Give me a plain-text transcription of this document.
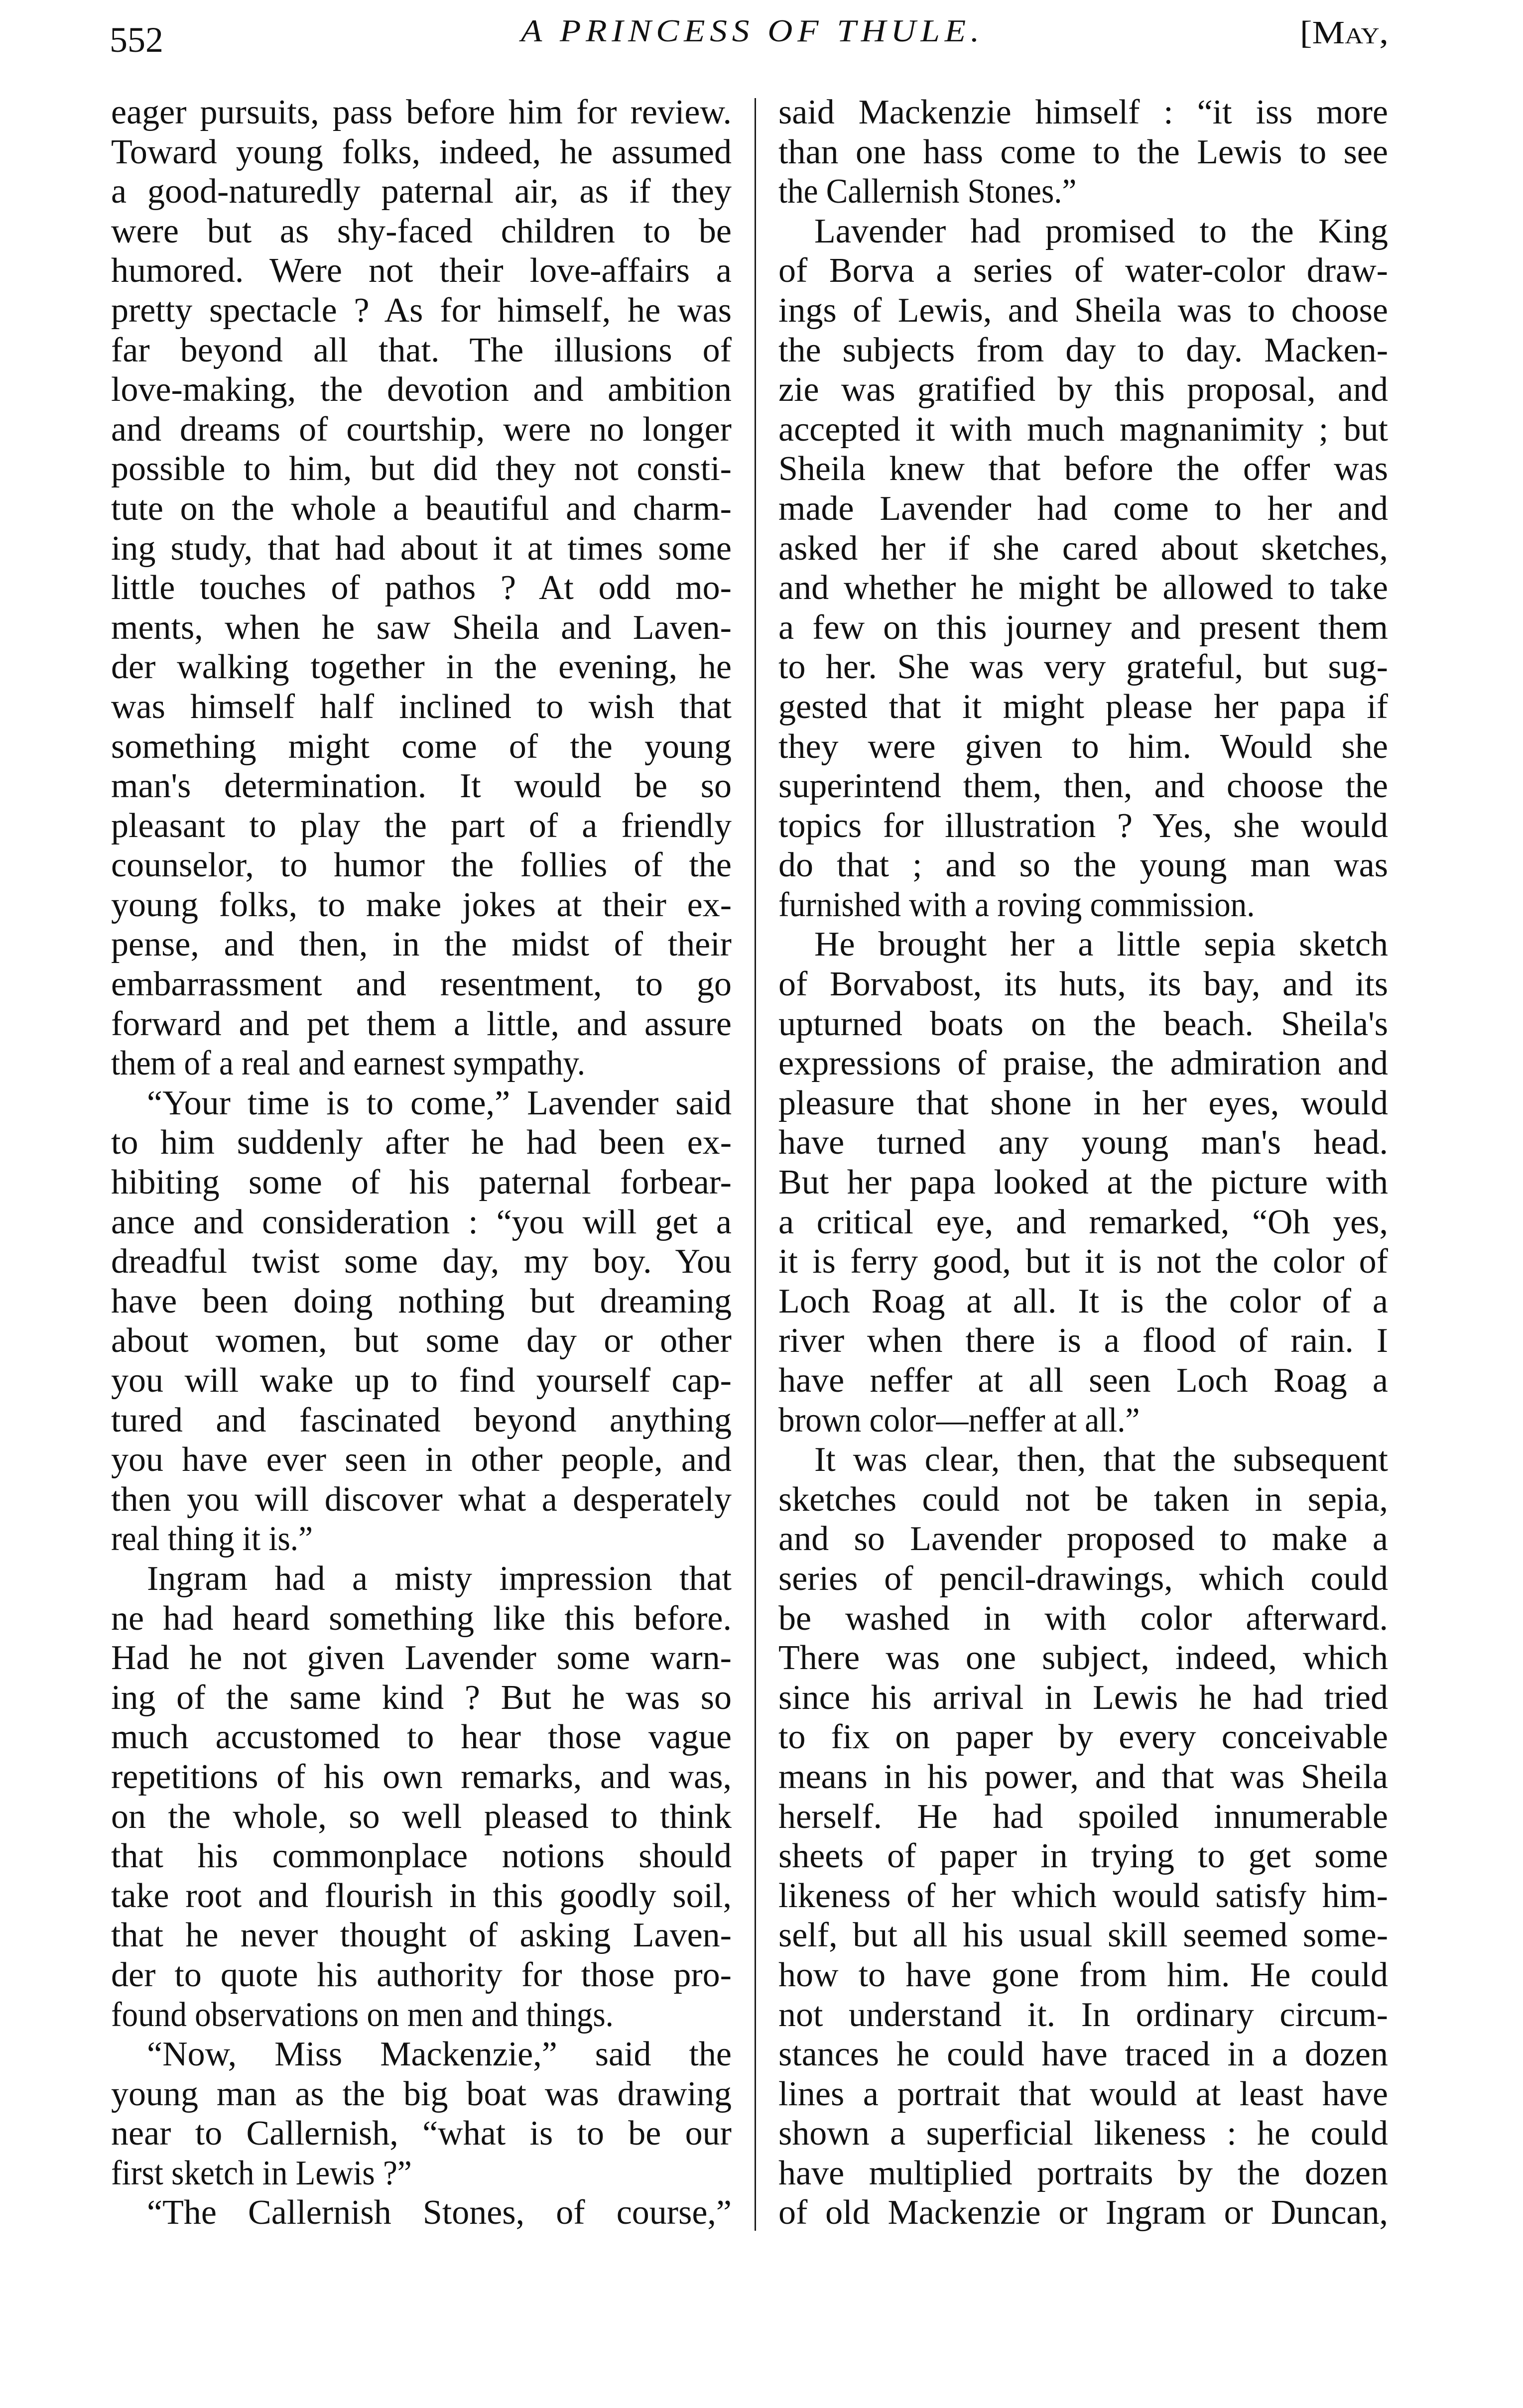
552	A PRINCESS OF THULE.	[May,
eager pursuits, pass before him for review.
Toward young folks, indeed, he assumed
a good-naturedly paternal air, as if they
were but as shy-faced children to be
humored. Were not their love-affairs a
pretty spectacle ? As for himself, he was
far beyond all that. The illusions of
love-making, the devotion and ambition
and dreams of courtship, were no longer
possible to him, but did they not consti-
tute on the whole a beautiful and charm-
ing study, that had about it at times some
little touches of pathos ? At odd mo-
ments, when he saw Sheila and Laven-
der walking together in the evening, he
was himself half inclined to wish that
something might come of the young
man's determination. It would be so
pleasant to play the part of a friendly
counselor, to humor the follies of the
young folks, to make jokes at their ex-
pense, and then, in the midst of their
embarrassment and resentment, to go
forward and pet them a little, and assure
them of a real and earnest sympathy.
“Your time is to come,” Lavender said
to him suddenly after he had been ex-
hibiting some of his paternal forbear-
ance and consideration : “you will get a
dreadful twist some day, my boy. You
have been doing nothing but dreaming
about women, but some day or other
you will wake up to find yourself cap-
tured and fascinated beyond anything
you have ever seen in other people, and
then you will discover what a desperately
real thing it is.”
Ingram had a misty impression that
ne had heard something like this before.
Had he not given Lavender some warn-
ing of the same kind ? But he was so
much accustomed to hear those vague
repetitions of his own remarks, and was,
on the whole, so well pleased to think
that his commonplace notions should
take root and flourish in this goodly soil,
that he never thought of asking Laven-
der to quote his authority for those pro-
found observations on men and things.
“Now, Miss Mackenzie,” said the
young man as the big boat was drawing
near to Callernish, “what is to be our
first sketch in Lewis ?”
“The Callernish Stones, of course,”
said Mackenzie himself : “it iss more
than one hass come to the Lewis to see
the Callernish Stones.”
Lavender had promised to the King
of Borva a series of water-color draw-
ings of Lewis, and Sheila was to choose
the subjects from day to day. Macken-
zie was gratified by this proposal, and
accepted it with much magnanimity ; but
Sheila knew that before the offer was
made Lavender had come to her and
asked her if she cared about sketches,
and whether he might be allowed to take
a few on this journey and present them
to her. She was very grateful, but sug-
gested that it might please her papa if
they were given to him. Would she
superintend them, then, and choose the
topics for illustration ? Yes, she would
do that ; and so the young man was
furnished with a roving commission.
He brought her a little sepia sketch
of Borvabost, its huts, its bay, and its
upturned boats on the beach. Sheila's
expressions of praise, the admiration and
pleasure that shone in her eyes, would
have turned any young man's head.
But her papa looked at the picture with
a critical eye, and remarked, “Oh yes,
it is ferry good, but it is not the color of
Loch Roag at all. It is the color of a
river when there is a flood of rain. I
have neffer at all seen Loch Roag a
brown color—neffer at all.”
It was clear, then, that the subsequent
sketches could not be taken in sepia,
and so Lavender proposed to make a
series of pencil-drawings, which could
be washed in with color afterward.
There was one subject, indeed, which
since his arrival in Lewis he had tried
to fix on paper by every conceivable
means in his power, and that was Sheila
herself. He had spoiled innumerable
sheets of paper in trying to get some
likeness of her which would satisfy him-
self, but all his usual skill seemed some-
how to have gone from him. He could
not understand it. In ordinary circum-
stances he could have traced in a dozen
lines a portrait that would at least have
shown a superficial likeness : he could
have multiplied portraits by the dozen
of old Mackenzie or Ingram or Duncan,
